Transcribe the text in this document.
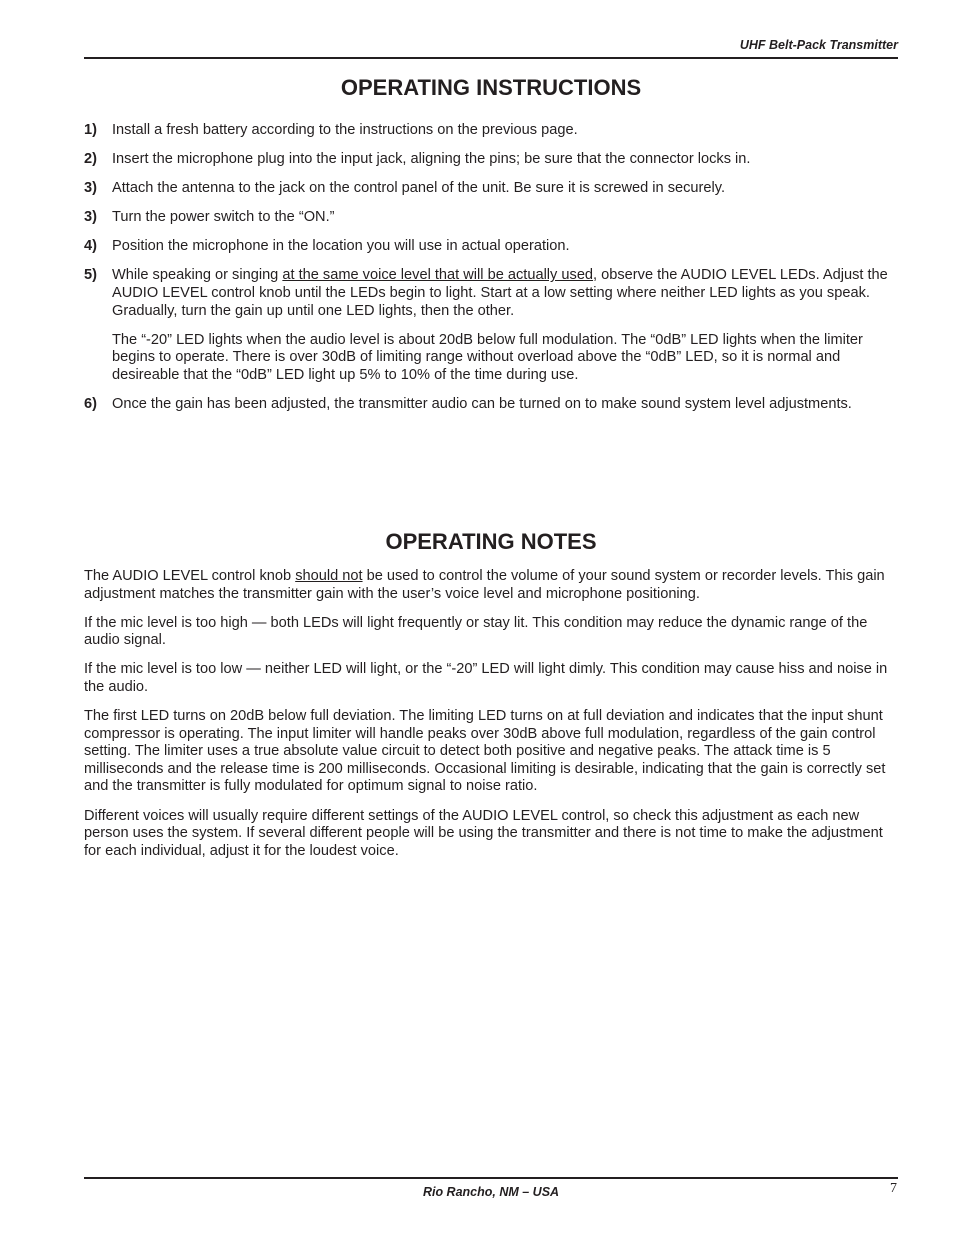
UHF Belt-Pack Transmitter
OPERATING INSTRUCTIONS
1)	Install a fresh battery according to the instructions on the previous page.

2)	Insert the microphone plug into the input jack, aligning the pins; be sure that the connector locks in.

3)	Attach the antenna to the jack on the control panel of the unit. Be sure it is screwed in securely.

3)	Turn the power switch to the “ON.”

4)	Position the microphone in the location you will use in actual operation.

5)	While speaking or singing at the same voice level that will be actually used, observe the AUDIO LEVEL LEDs. Adjust the AUDIO LEVEL control knob until the LEDs begin to light. Start at a low setting where neither LED lights as you speak. Gradually, turn the gain up until one LED lights, then the other.

The “-20” LED lights when the audio level is about 20dB below full modulation. The “0dB” LED lights when the limiter begins to operate. There is over 30dB of limiting range without overload above the “0dB” LED, so it is normal and desireable that the “0dB” LED light up 5% to 10% of the time during use.

6)	Once the gain has been adjusted, the transmitter audio can be turned on to make sound system level adjustments.

OPERATING NOTES

The AUDIO LEVEL control knob should not be used to control the volume of your sound system or recorder levels. This gain adjustment matches the transmitter gain with the user’s voice level and microphone positioning.

If the mic level is too high — both LEDs will light frequently or stay lit. This condition may reduce the dynamic range of the audio signal.

If the mic level is too low — neither LED will light, or the “-20” LED will light dimly. This condition may cause hiss and noise in the audio.

The first LED turns on 20dB below full deviation. The limiting LED turns on at full deviation and indicates that the input shunt compressor is operating. The input limiter will handle peaks over 30dB above full modulation, regardless of the gain control setting. The limiter uses a true absolute value circuit to detect both positive and negative peaks. The attack time is 5 milliseconds and the release time is 200 milliseconds. Occasional limiting is desirable, indicating that the gain is correctly set and the transmitter is fully modulated for optimum signal to noise ratio.

Different voices will usually require different settings of the AUDIO LEVEL control, so check this adjustment as each new person uses the system. If several different people will be using the transmitter and there is not time to make the adjustment for each individual, adjust it for the loudest voice.

Rio Rancho, NM – USA	7
